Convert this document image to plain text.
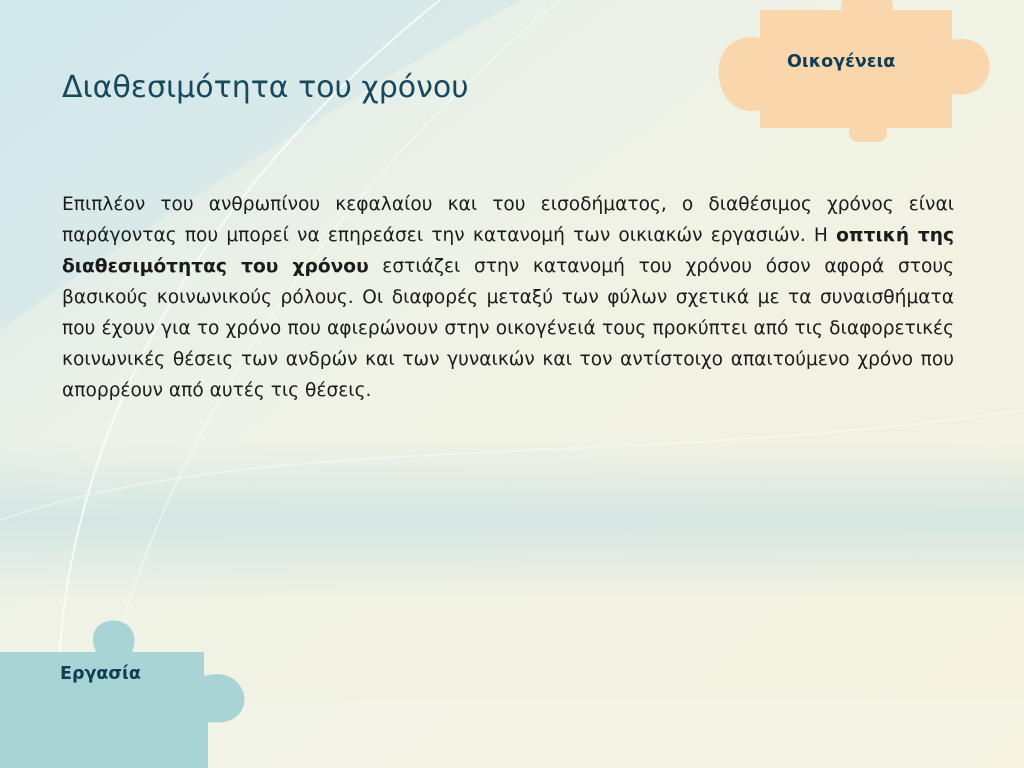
Διαθεσιμότητα του χρόνου

Επιπλέον του ανθρωπίνου κεφαλαίου και του εισοδήματος, ο διαθέσιμος χρόνος είναι παράγοντας που μπορεί να επηρεάσει την κατανομή των οικιακών εργασιών. Η οπτική της διαθεσιμότητας του χρόνου εστιάζει στην κατανομή του χρόνου όσον αφορά στους βασικούς κοινωνικούς ρόλους. Οι διαφορές μεταξύ των φύλων σχετικά με τα συναισθήματα που έχουν για το χρόνο που αφιερώνουν στην οικογένειά τους προκύπτει από τις διαφορετικές κοινωνικές θέσεις των ανδρών και των γυναικών και τον αντίστοιχο απαιτούμενο χρόνο που απορρέουν από αυτές τις θέσεις.

Οικογένεια
Εργασία
